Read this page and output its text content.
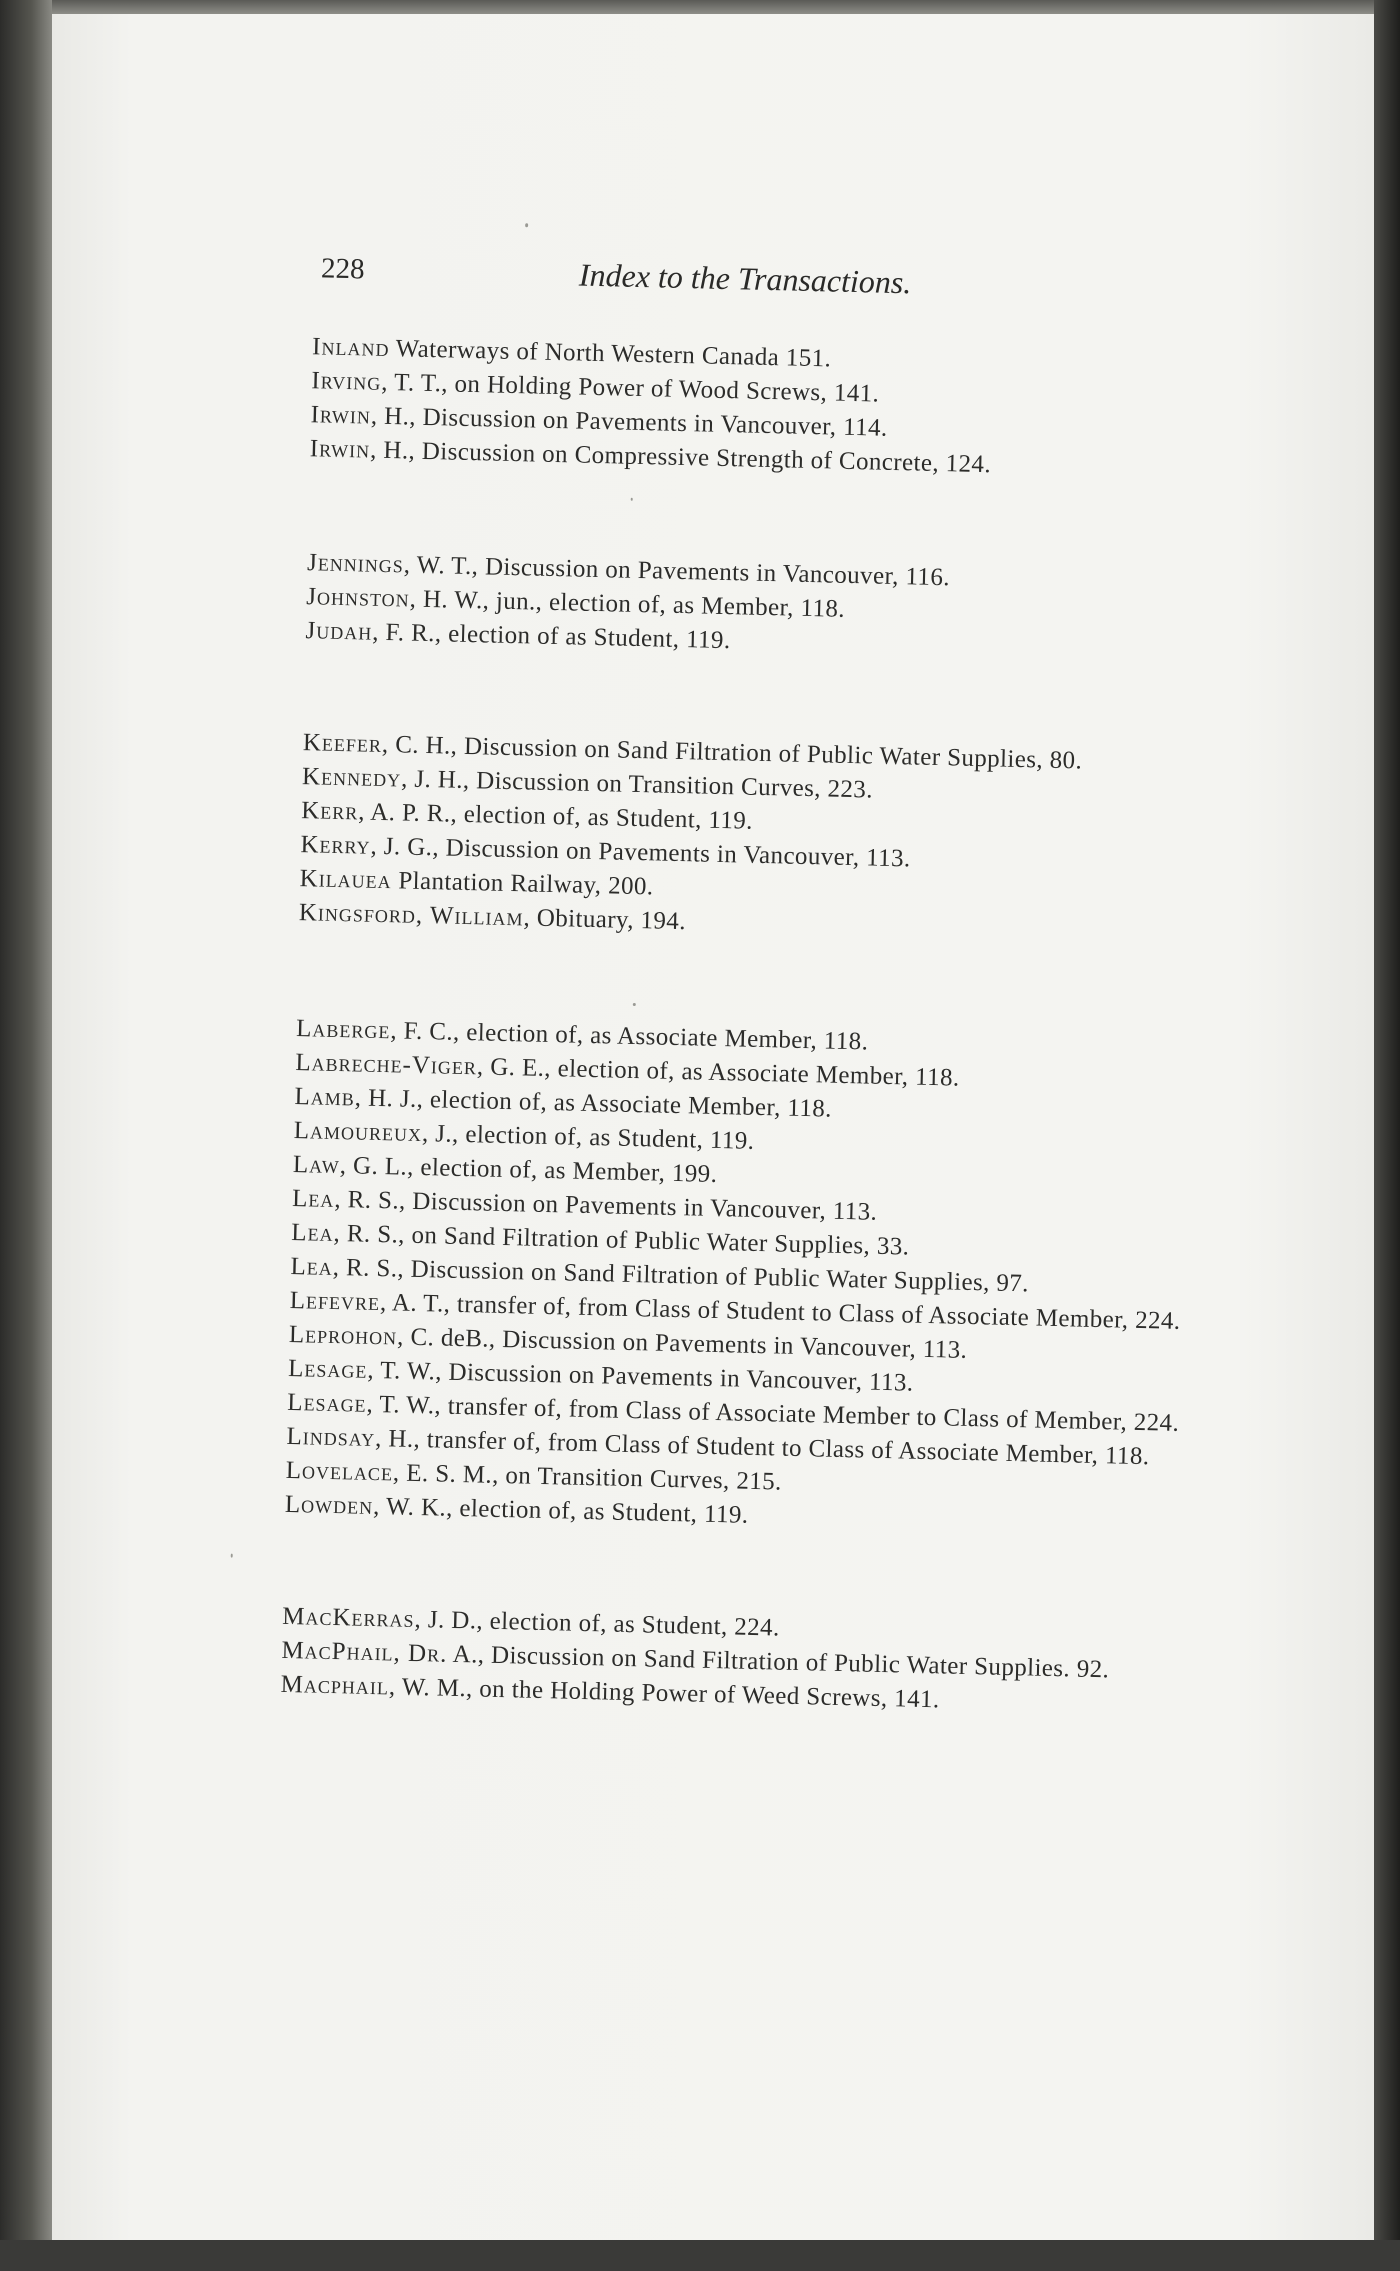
228	Index to the Transactions.

Inland Waterways of North Western Canada 151.

Irving, T. T., on Holding Power of Wood Screws, 141.

Irwin, H., Discussion on Pavements in Vancouver, 114.

Irwin, H., Discussion on Compressive Strength of Concrete, 124.

Jennings, W. T., Discussion on Pavements in Vancouver, 116.

Johnston, H. W., jun., election of, as Member, 118.

Judah, F. R., election of as Student, 119.

Keefer, C. H., Discussion on Sand Filtration of Public Water Supplies, 80.

Kennedy, J. H., Discussion on Transition Curves, 223.

Kerr, A. P. R., election of, as Student, 119.

Kerry, J. G., Discussion on Pavements in Vancouver, 113.

Kilauea Plantation Railway, 200.

Kingsford, William, Obituary, 194.

Laberge, F. C., election of, as Associate Member, 118.

Labreche-Viger, G. E., election of, as Associate Member, 118.

Lamb, H. J., election of, as Associate Member, 118.

Lamoureux, J., election of, as Student, 119.

Law, G. L., election of, as Member, 199.

Lea, R. S., Discussion on Pavements in Vancouver, 113.

Lea, R. S., on Sand Filtration of Public Water Supplies, 33.

Lea, R. S., Discussion on Sand Filtration of Public Water Supplies, 97.

Lefevre, A. T., transfer of, from Class of Student to Class of Associate Member, 224.

Leprohon, C. deB., Discussion on Pavements in Vancouver, 113.

Lesage, T. W., Discussion on Pavements in Vancouver, 113.

Lesage, T. W., transfer of, from Class of Associate Member to Class of Member, 224.

Lindsay, H., transfer of, from Class of Student to Class of Associate Member, 118.

Lovelace, E. S. M., on Transition Curves, 215.

Lowden, W. K., election of, as Student, 119.

MacKerras, J. D., election of, as Student, 224.

MacPhail, Dr. A., Discussion on Sand Filtration of Public Water Supplies. 92.

Macphail, W. M., on the Holding Power of Weed Screws, 141.
